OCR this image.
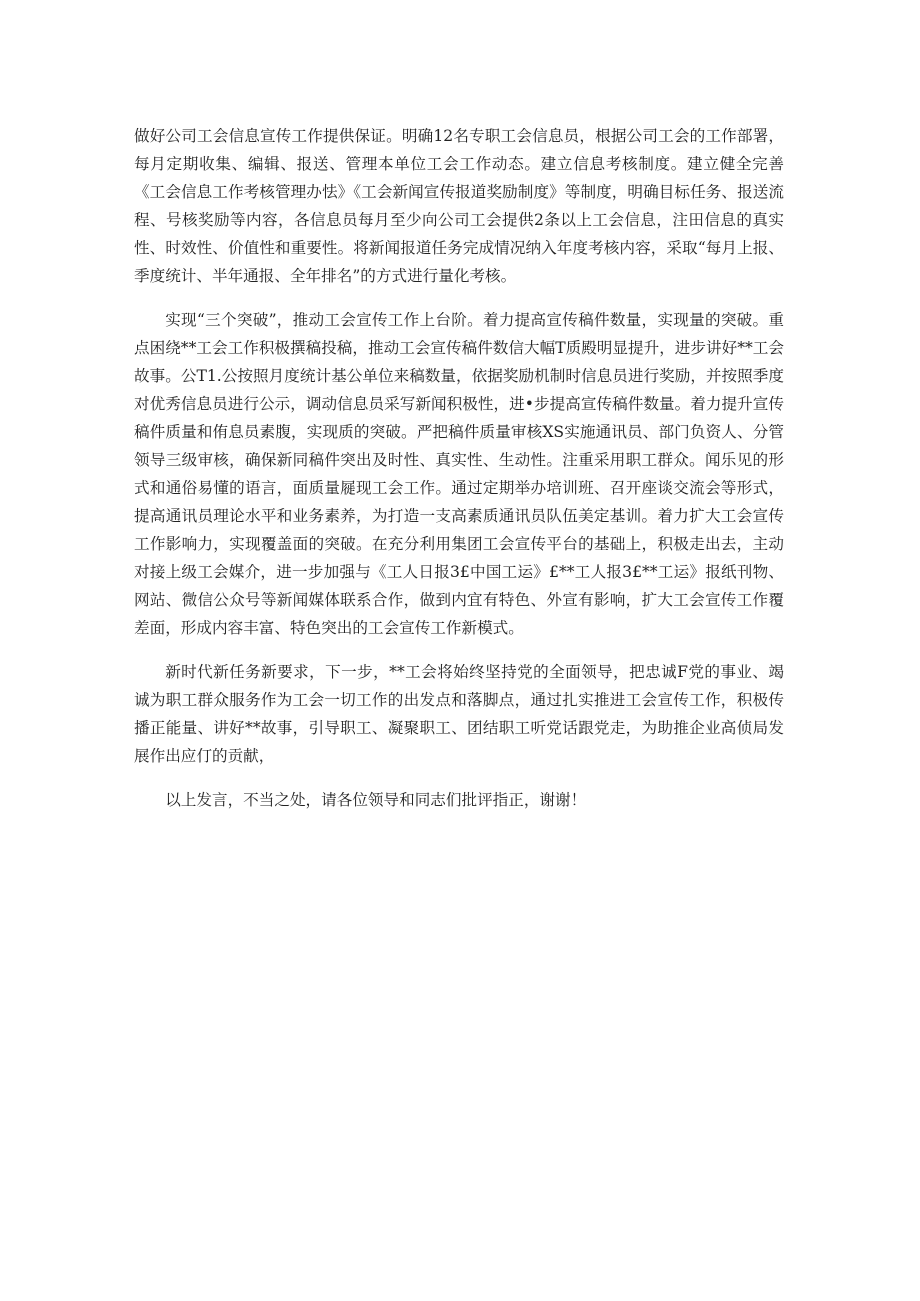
做好公司工会信息宣传工作提供保证。明确12名专职工会信息员，根据公司工会的工作部署，每月定期收集、编辑、报送、管理本单位工会工作动态。建立信息考核制度。建立健全完善《工会信息工作考核管理办怯》《工会新闻宣传报道奖励制度》等制度，明确目标任务、报送流程、号核奖励等内容，各信息员每月至少向公司工会提供2条以上工会信息，注田信息的真实性、时效性、价值性和重要性。将新闻报道任务完成情况纳入年度考核内容，采取“每月上报、季度统计、半年通报、全年排名”的方式进行量化考核。

实现“三个突破”，推动工会宣传工作上台阶。着力提高宣传稿件数量，实现量的突破。重点困绕**工会工作积极撰稿投稿，推动工会宣传稿件数信大幅T质殿明显提升，进步讲好**工会故事。公T1.公按照月度统计基公单位来稿数量，依据奖励机制时信息员进行奖励，并按照季度对优秀信息员进行公示，调动信息员采写新闻积极性，进•步提高宣传稿件数量。着力提升宣传稿件质量和侑息员素腹，实现质的突破。严把稿件质量审核XS实施通讯员、部门负资人、分管领导三级审核，确保新同稿件突出及时性、真实性、生动性。注重采用职工群众。闻乐见的形式和通俗易懂的语言，面质量屣现工会工作。通过定期举办培训班、召开座谈交流会等形式，提高通讯员理论水平和业务素养，为打造一支高素质通讯员队伍美定基训。着力扩大工会宣传工作影响力，实现覆盖面的突破。在充分利用集团工会宣传平台的基础上，积极走出去，主动对接上级工会媒介，进一步加强与《工人日报3£中国工运》£**工人报3£**工运》报纸刊物、网站、微信公众号等新闻媒体联系合作，做到内宜有特色、外宣有影响，扩大工会宣传工作覆差面，形成内容丰富、特色突出的工会宣传工作新模式。

新时代新任务新要求，下一步，**工会将始终坚持党的全面领导，把忠诚F党的事业、竭诚为职工群众服务作为工会一切工作的出发点和落脚点，通过扎实推进工会宣传工作，积极传播正能量、讲好**故事，引导职工、凝聚职工、团结职工听党话跟党走，为助推企业高侦局发展作出应仃的贡献，

以上发言，不当之处，请各位领导和同志们批评指正，谢谢！
